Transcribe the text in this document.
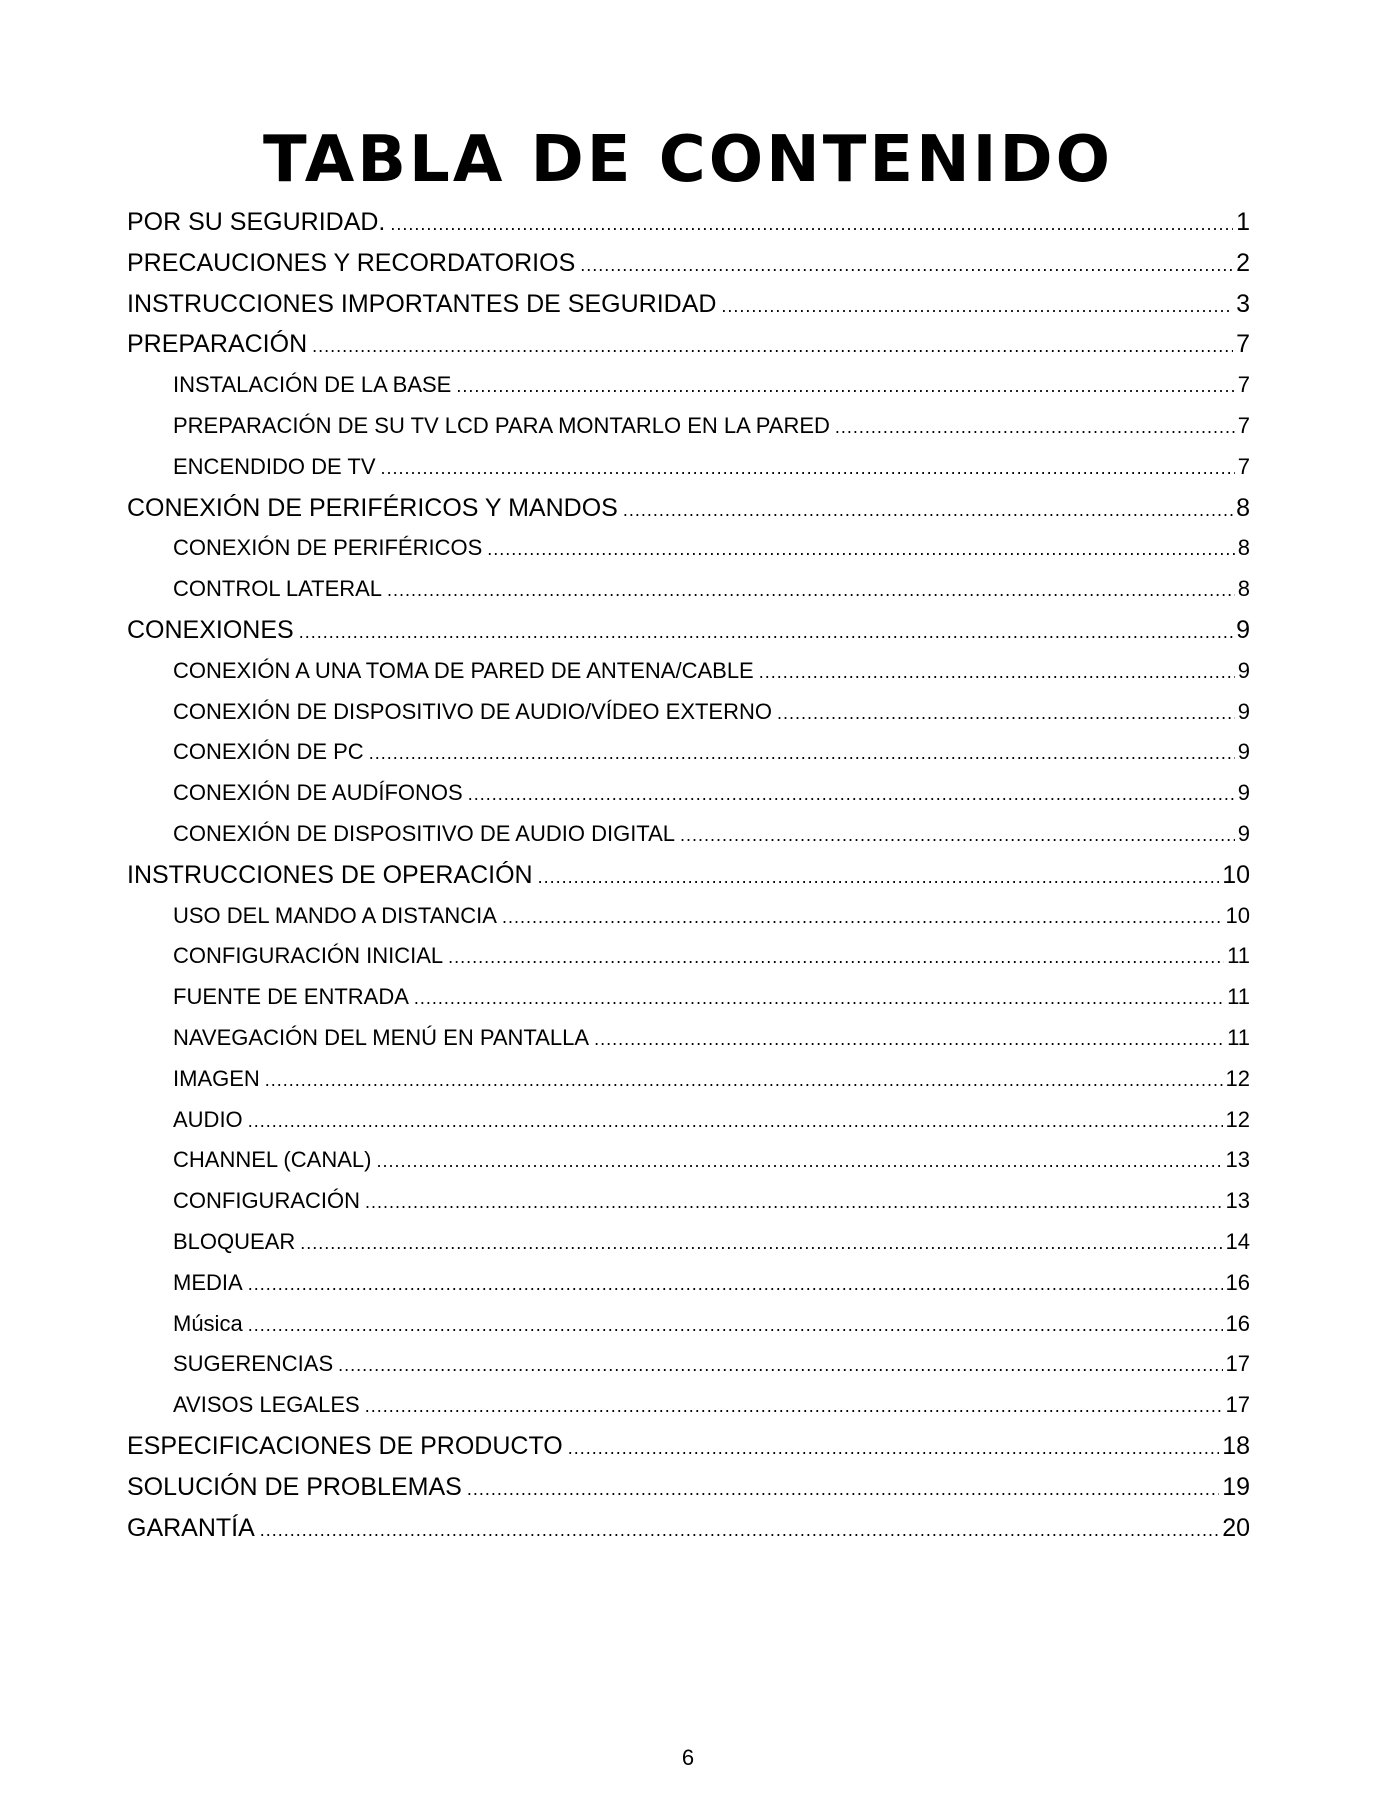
TABLA DE CONTENIDO
POR SU SEGURIDAD. .....	1
PRECAUCIONES Y RECORDATORIOS .....	2
INSTRUCCIONES IMPORTANTES DE SEGURIDAD .....	3
PREPARACIÓN .....	7
INSTALACIÓN DE LA BASE .....	7
PREPARACIÓN DE SU TV LCD PARA MONTARLO EN LA PARED .....	7
ENCENDIDO DE TV .....	7
CONEXIÓN DE PERIFÉRICOS Y MANDOS .....	8
CONEXIÓN DE PERIFÉRICOS .....	8
CONTROL LATERAL .....	8
CONEXIONES .....	9
CONEXIÓN A UNA TOMA DE PARED DE ANTENA/CABLE .....	9
CONEXIÓN DE DISPOSITIVO DE AUDIO/VÍDEO EXTERNO .....	9
CONEXIÓN DE PC .....	9
CONEXIÓN DE AUDÍFONOS .....	9
CONEXIÓN DE DISPOSITIVO DE AUDIO DIGITAL .....	9
INSTRUCCIONES DE OPERACIÓN .....	10
USO DEL MANDO A DISTANCIA .....	10
CONFIGURACIÓN INICIAL .....	11
FUENTE DE ENTRADA .....	11
NAVEGACIÓN DEL MENÚ EN PANTALLA .....	11
IMAGEN .....	12
AUDIO .....	12
CHANNEL (CANAL) .....	13
CONFIGURACIÓN .....	13
BLOQUEAR .....	14
MEDIA .....	16
Música .....	16
SUGERENCIAS .....	17
AVISOS LEGALES .....	17
ESPECIFICACIONES DE PRODUCTO .....	18
SOLUCIÓN DE PROBLEMAS .....	19
GARANTÍA .....	20

6
